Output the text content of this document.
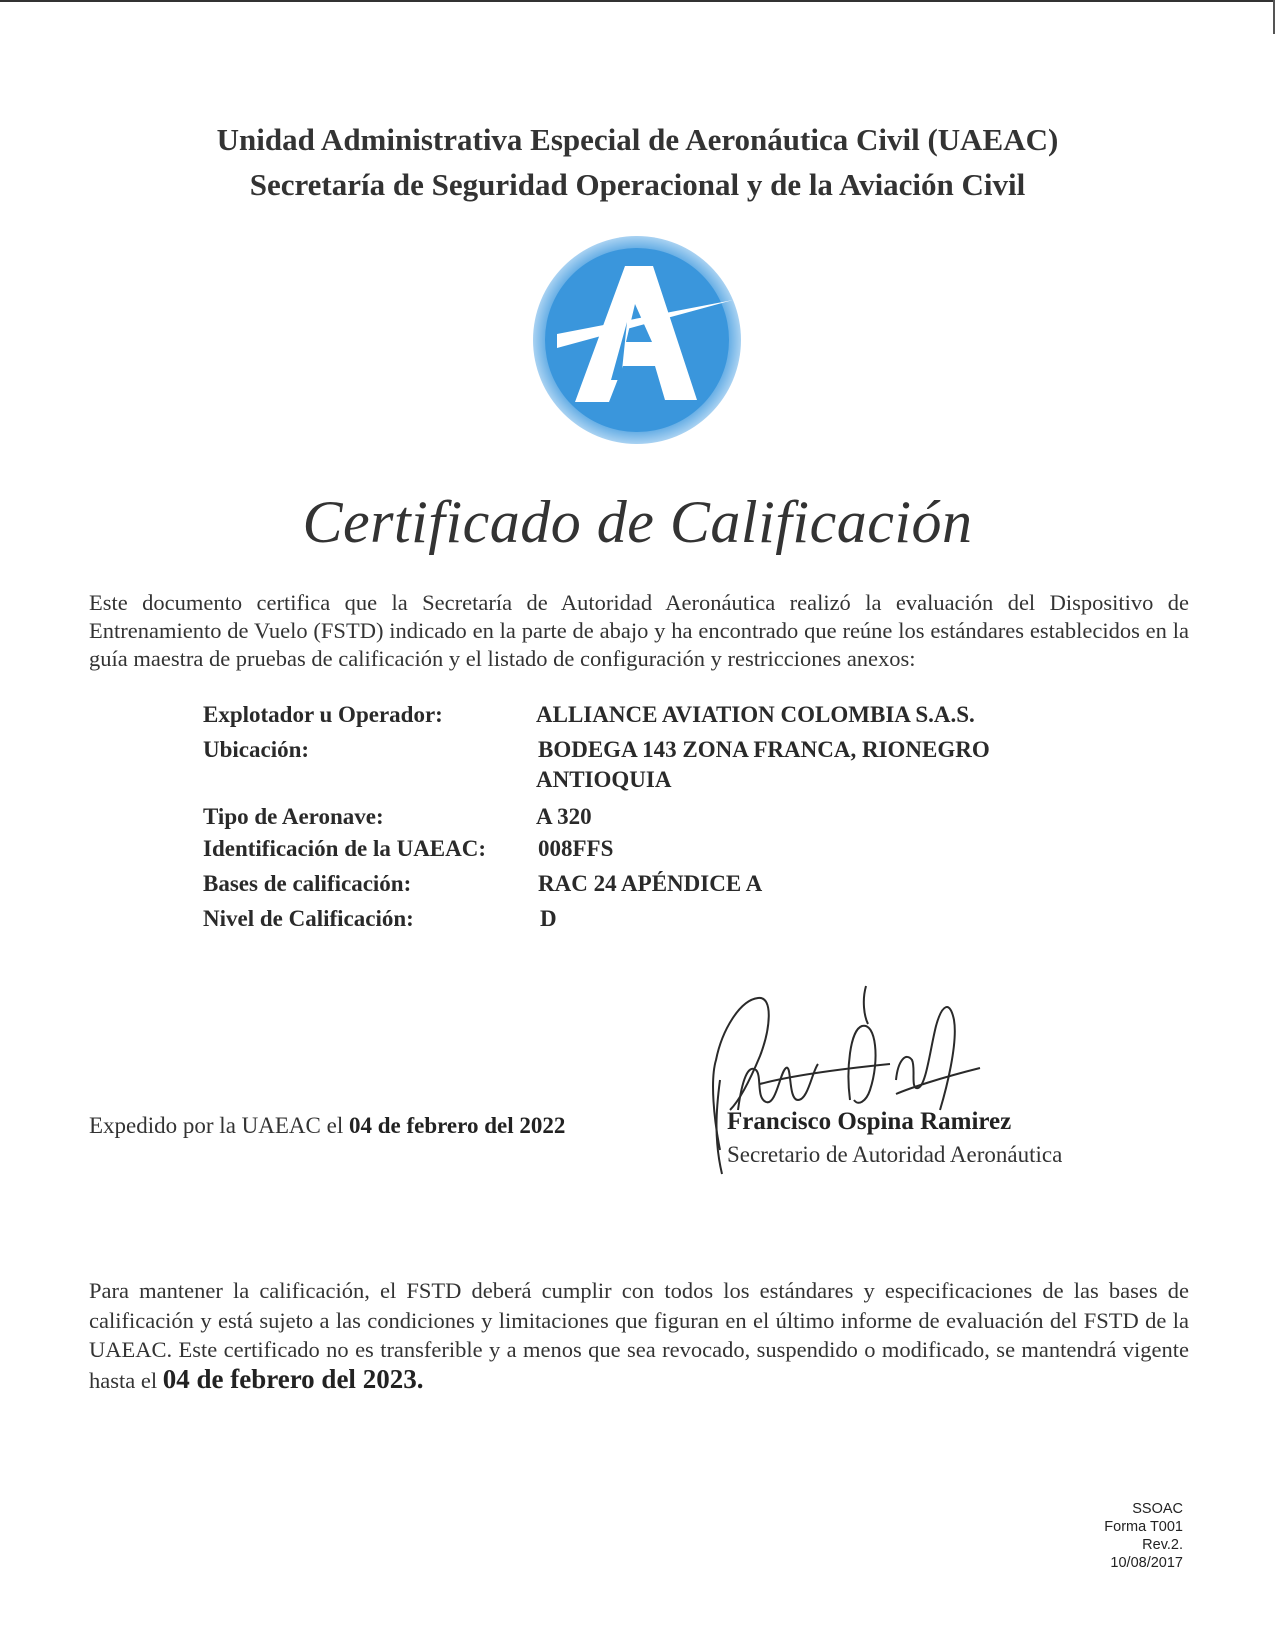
Unidad Administrativa Especial de Aeronáutica Civil (UAEAC)
Secretaría de Seguridad Operacional y de la Aviación Civil
Certificado de Calificación
Este documento certifica que la Secretaría de Autoridad Aeronáutica realizó la evaluación del Dispositivo de Entrenamiento de Vuelo (FSTD) indicado en la parte de abajo y ha encontrado que reúne los estándares establecidos en la guía maestra de pruebas de calificación y el listado de configuración y restricciones anexos:
Explotador u Operador:	ALLIANCE AVIATION COLOMBIA S.A.S.
Ubicación:	BODEGA 143 ZONA FRANCA, RIONEGRO
ANTIOQUIA
Tipo de Aeronave:	A 320
Identificación de la UAEAC: 008FFS
Bases de calificación:	RAC 24 APÉNDICE A
Nivel de Calificación:	D
Expedido por la UAEAC el 04 de febrero del 2022	Francisco Ospina Ramirez
Secretario de Autoridad Aeronáutica
Para mantener la calificación, el FSTD deberá cumplir con todos los estándares y especificaciones de las bases de calificación y está sujeto a las condiciones y limitaciones que figuran en el último informe de evaluación del FSTD de la UAEAC. Este certificado no es transferible y a menos que sea revocado, suspendido o modificado, se mantendrá vigente hasta el 04 de febrero del 2023.
SSOAC
Forma T001
Rev.2.
10/08/2017
